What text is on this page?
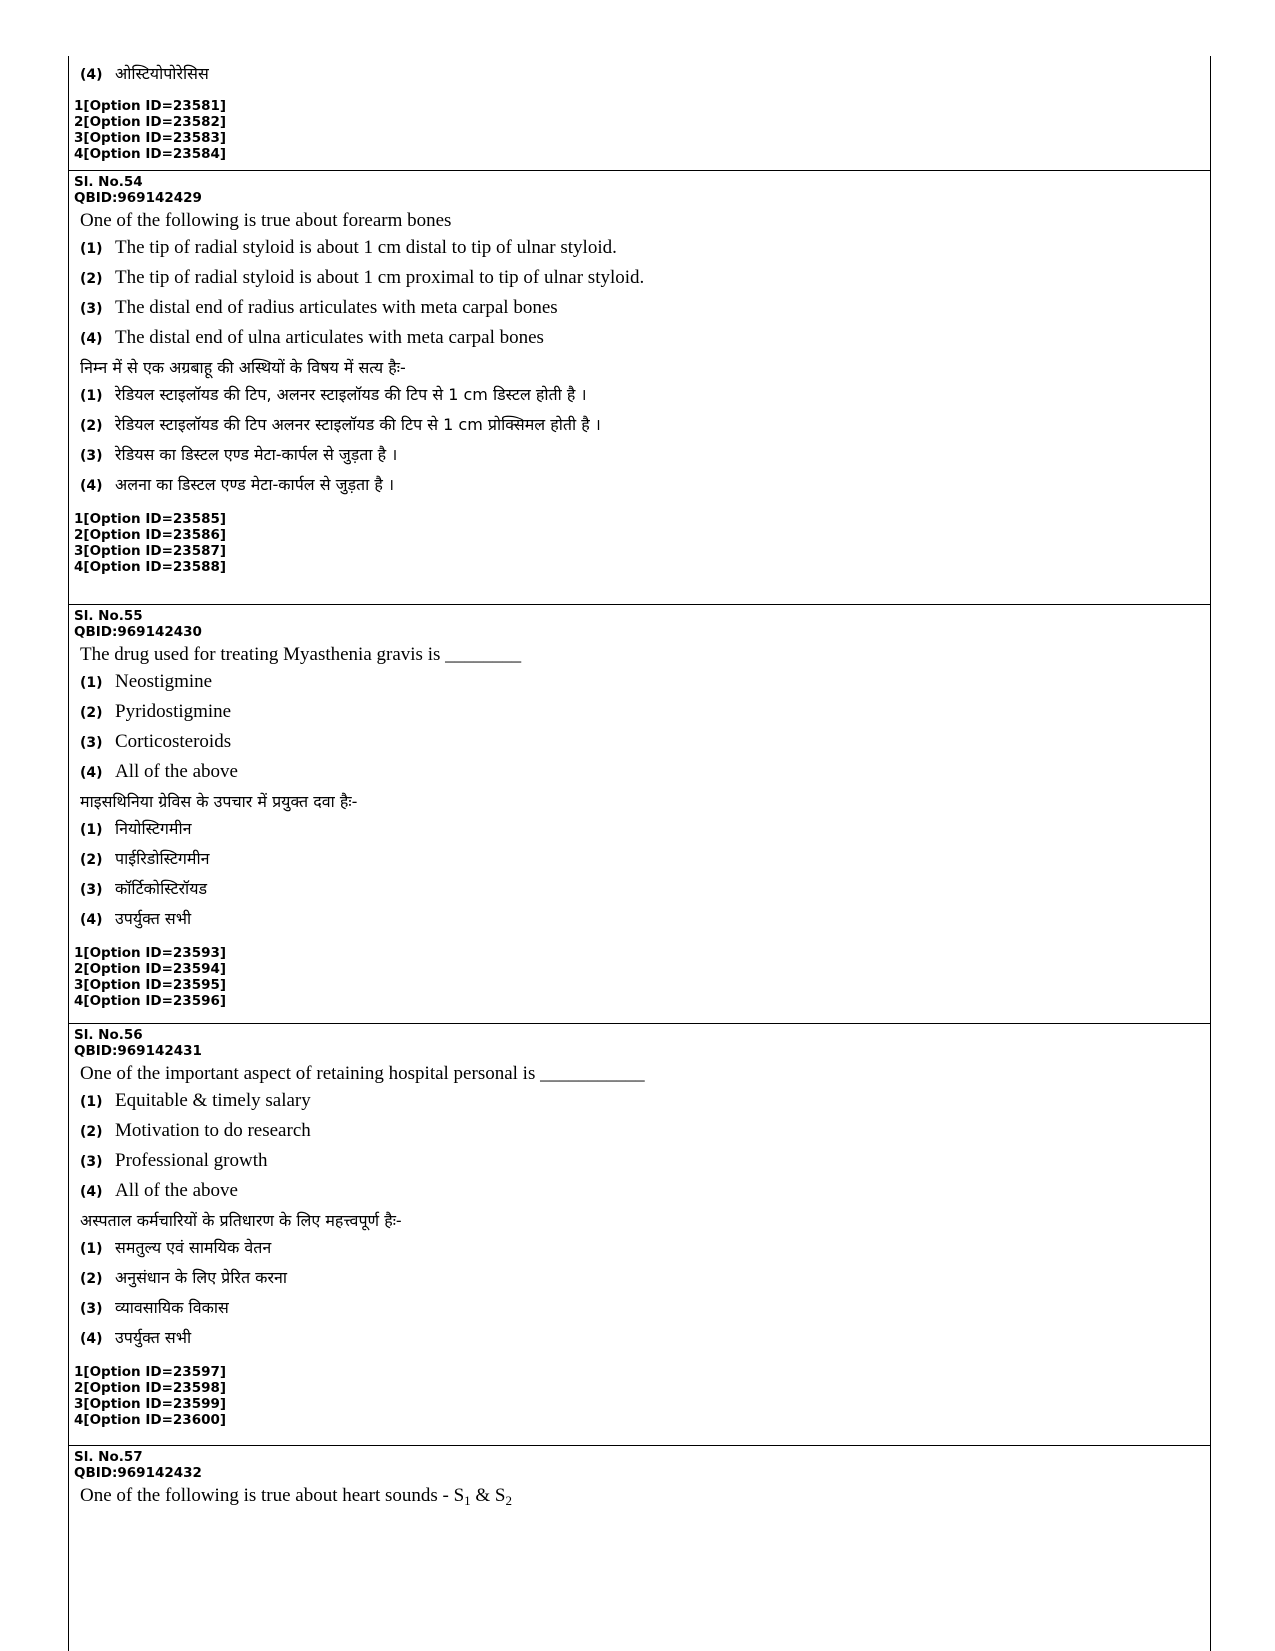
(4) ओस्टियोपोरेसिस
1[Option ID=23581]
2[Option ID=23582]
3[Option ID=23583]
4[Option ID=23584]
Sl. No.54
QBID:969142429
One of the following is true about forearm bones
(1) The tip of radial styloid is about 1 cm distal to tip of ulnar styloid.
(2) The tip of radial styloid is about 1 cm proximal to tip of ulnar styloid.
(3) The distal end of radius articulates with meta carpal bones
(4) The distal end of ulna articulates with meta carpal bones
निम्न में से एक अग्रबाहू की अस्थियों के विषय में सत्य हैः-
(1) रेडियल स्टाइलॉयड की टिप, अलनर स्टाइलॉयड की टिप से 1 cm डिस्टल होती है ।
(2) रेडियल स्टाइलॉयड की टिप अलनर स्टाइलॉयड की टिप से 1 cm प्रोक्सिमल होती है ।
(3) रेडियस का डिस्टल एण्ड मेटा-कार्पल से जुड़ता है ।
(4) अलना का डिस्टल एण्ड मेटा-कार्पल से जुड़ता है ।
1[Option ID=23585]
2[Option ID=23586]
3[Option ID=23587]
4[Option ID=23588]
Sl. No.55
QBID:969142430
The drug used for treating Myasthenia gravis is ________
(1) Neostigmine
(2) Pyridostigmine
(3) Corticosteroids
(4) All of the above
माइसथिनिया ग्रेविस के उपचार में प्रयुक्त दवा हैः-
(1) नियोस्टिगमीन
(2) पाईरिडोस्टिगमीन
(3) कॉर्टिकोस्टिरॉयड
(4) उपर्युक्त सभी
1[Option ID=23593]
2[Option ID=23594]
3[Option ID=23595]
4[Option ID=23596]
Sl. No.56
QBID:969142431
One of the important aspect of retaining hospital personal is ___________
(1) Equitable & timely salary
(2) Motivation to do research
(3) Professional growth
(4) All of the above
अस्पताल कर्मचारियों के प्रतिधारण के लिए महत्त्वपूर्ण हैः-
(1) समतुल्य एवं सामयिक वेतन
(2) अनुसंधान के लिए प्रेरित करना
(3) व्यावसायिक विकास
(4) उपर्युक्त सभी
1[Option ID=23597]
2[Option ID=23598]
3[Option ID=23599]
4[Option ID=23600]
Sl. No.57
QBID:969142432
One of the following is true about heart sounds - $S_1$ & $S_2$
